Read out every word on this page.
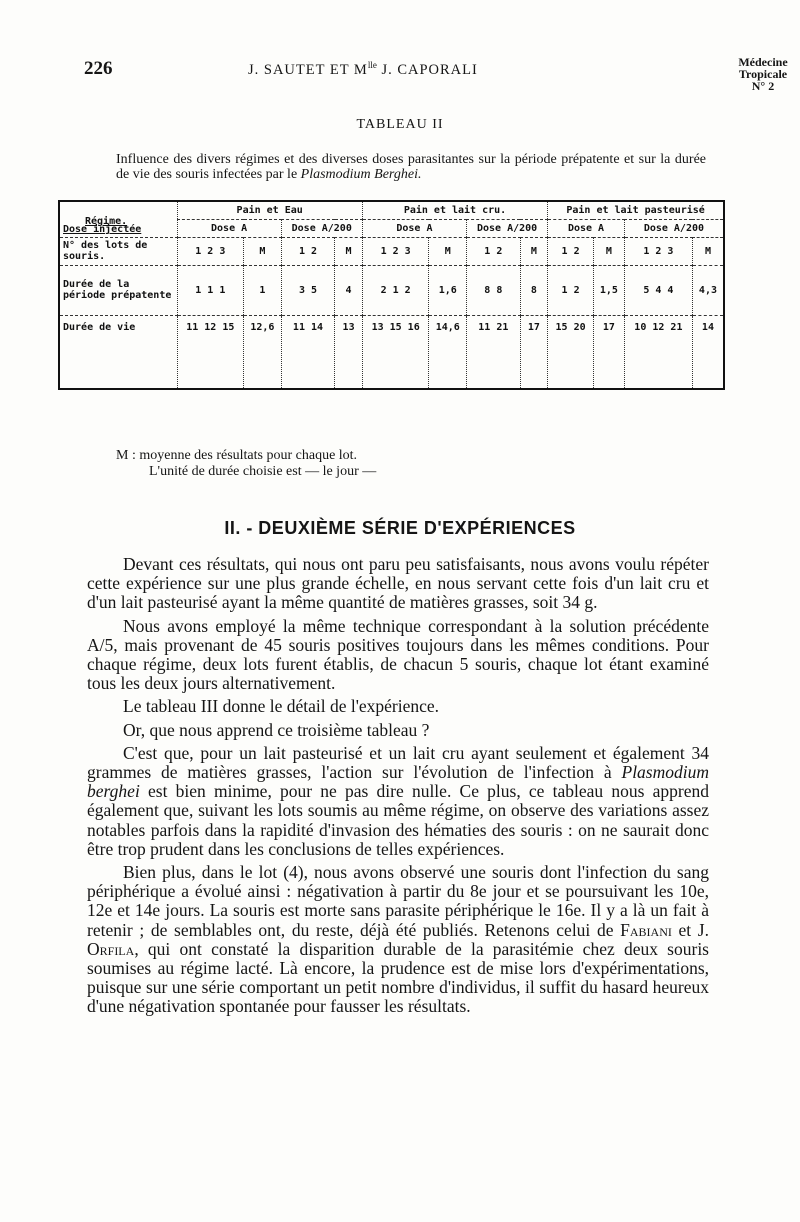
226	J. SAUTET ET $M^{lle}$ J. CAPORALI	Médecine
Tropicale
N° 2
TABLEAU II
Influence des divers régimes et des diverses doses parasitantes sur la période prépatente et sur la durée de vie des souris infectées par le Plasmodium Berghei.
Régime.
Dose injectée	Pain et Eau				Pain et lait cru.				Pain et lait pasteurisé			
	Dose A		Dose A/200		Dose A		Dose A/200		Dose A		Dose A/200	
N° des lots de souris.	1 2 3	M	1 2	M	1 2 3	M	1 2	M	1 2	M	1 2 3	M
Durée de la période prépatente	1 1 1	1	3 5	4	2 1 2	1,6	8 8	8	1 2	1,5	5 4 4	4,3
Durée de vie	11 12 15	12,6	11 14	13	13 15 16	14,6	11 21	17	15 20	17	10 12 21	14
M : moyenne des résultats pour chaque lot.
L'unité de durée choisie est — le jour —
II. - DEUXIÈME SÉRIE D'EXPÉRIENCES

Devant ces résultats, qui nous ont paru peu satisfaisants, nous avons voulu répéter cette expérience sur une plus grande échelle, en nous servant cette fois d'un lait cru et d'un lait pasteurisé ayant la même quantité de matières grasses, soit 34 g.

Nous avons employé la même technique correspondant à la solution précédente A/5, mais provenant de 45 souris positives toujours dans les mêmes conditions. Pour chaque régime, deux lots furent établis, de chacun 5 souris, chaque lot étant examiné tous les deux jours alternativement.

Le tableau III donne le détail de l'expérience.

Or, que nous apprend ce troisième tableau ?

C'est que, pour un lait pasteurisé et un lait cru ayant seulement et également 34 grammes de matières grasses, l'action sur l'évolution de l'infection à Plasmodium berghei est bien minime, pour ne pas dire nulle. Ce plus, ce tableau nous apprend également que, suivant les lots soumis au même régime, on observe des variations assez notables parfois dans la rapidité d'invasion des hématies des souris : on ne saurait donc être trop prudent dans les conclusions de telles expériences.

Bien plus, dans le lot (4), nous avons observé une souris dont l'infection du sang périphérique a évolué ainsi : négativation à partir du 8e jour et se poursuivant les 10e, 12e et 14e jours. La souris est morte sans parasite périphérique le 16e. Il y a là un fait à retenir ; de semblables ont, du reste, déjà été publiés. Retenons celui de Fabiani et J. Orfila, qui ont constaté la disparition durable de la parasitémie chez deux souris soumises au régime lacté. Là encore, la prudence est de mise lors d'expérimentations, puisque sur une série comportant un petit nombre d'individus, il suffit du hasard heureux d'une négativation spontanée pour fausser les résultats.
